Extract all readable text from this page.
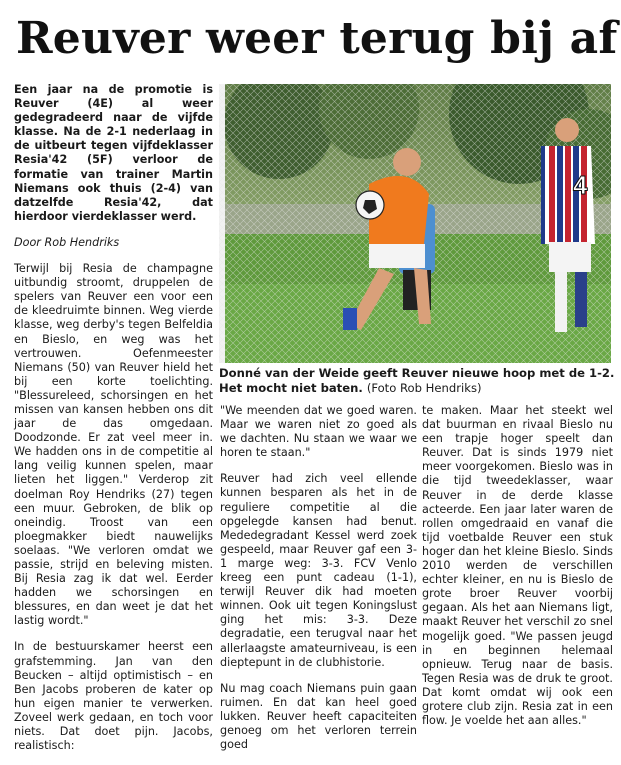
Reuver weer terug bij af

Een jaar na de promotie is Reuver (4E) al weer gedegradeerd naar de vijfde klasse. Na de 2-1 nederlaag in de uitbeurt tegen vijfdeklasser Resia'42 (5F) verloor de formatie van trainer Martin Niemans ook thuis (2-4) van datzelfde Resia'42, dat hierdoor vierdeklasser werd.

Door Rob Hendriks

Terwijl bij Resia de champagne uitbundig stroomt, druppelen de spelers van Reuver een voor een de kleedruimte binnen. Weg vierde klasse, weg derby's tegen Belfeldia en Bieslo, en weg was het vertrouwen. Oefenmeester Niemans (50) van Reuver hield het bij een korte toelichting. "Blessureleed, schorsingen en het missen van kansen hebben ons dit jaar de das omgedaan. Doodzonde. Er zat veel meer in. We hadden ons in de competitie al lang veilig kunnen spelen, maar lieten het liggen." Verderop zit doelman Roy Hendriks (27) tegen een muur. Gebroken, de blik op oneindig. Troost van een ploegmakker biedt nauwelijks soelaas. "We verloren omdat we passie, strijd en beleving misten. Bij Resia zag ik dat wel. Eerder hadden we schorsingen en blessures, en dan weet je dat het lastig wordt."

In de bestuurskamer heerst een grafstemming. Jan van den Beucken – altijd optimistisch – en Ben Jacobs proberen de kater op hun eigen manier te verwerken. Zoveel werk gedaan, en toch voor niets. Dat doet pijn. Jacobs, realistisch:

4
Donné van der Weide geeft Reuver nieuwe hoop met de 1-2. Het mocht niet baten. (Foto Rob Hendriks)

"We meenden dat we goed waren. Maar we waren niet zo goed als we dachten. Nu staan we waar we horen te staan."

Reuver had zich veel ellende kunnen besparen als het in de reguliere competitie al die opgelegde kansen had benut. Mededegradant Kessel werd zoek gespeeld, maar Reuver gaf een 3-1 marge weg: 3-3. FCV Venlo kreeg een punt cadeau (1-1), terwijl Reuver dik had moeten winnen. Ook uit tegen Koningslust ging het mis: 3-3. Deze degradatie, een terugval naar het allerlaagste amateurniveau, is een dieptepunt in de clubhistorie.

Nu mag coach Niemans puin gaan ruimen. En dat kan heel goed lukken. Reuver heeft capaciteiten genoeg om het verloren terrein goed

te maken. Maar het steekt wel dat buurman en rivaal Bieslo nu een trapje hoger speelt dan Reuver. Dat is sinds 1979 niet meer voorgekomen. Bieslo was in die tijd tweedeklasser, waar Reuver in de derde klasse acteerde. Een jaar later waren de rollen omgedraaid en vanaf die tijd voetbalde Reuver een stuk hoger dan het kleine Bieslo. Sinds 2010 werden de verschillen echter kleiner, en nu is Bieslo de grote broer Reuver voorbij gegaan. Als het aan Niemans ligt, maakt Reuver het verschil zo snel mogelijk goed. "We passen jeugd in en beginnen helemaal opnieuw. Terug naar de basis. Tegen Resia was de druk te groot. Dat komt omdat wij ook een grotere club zijn. Resia zat in een flow. Je voelde het aan alles."
